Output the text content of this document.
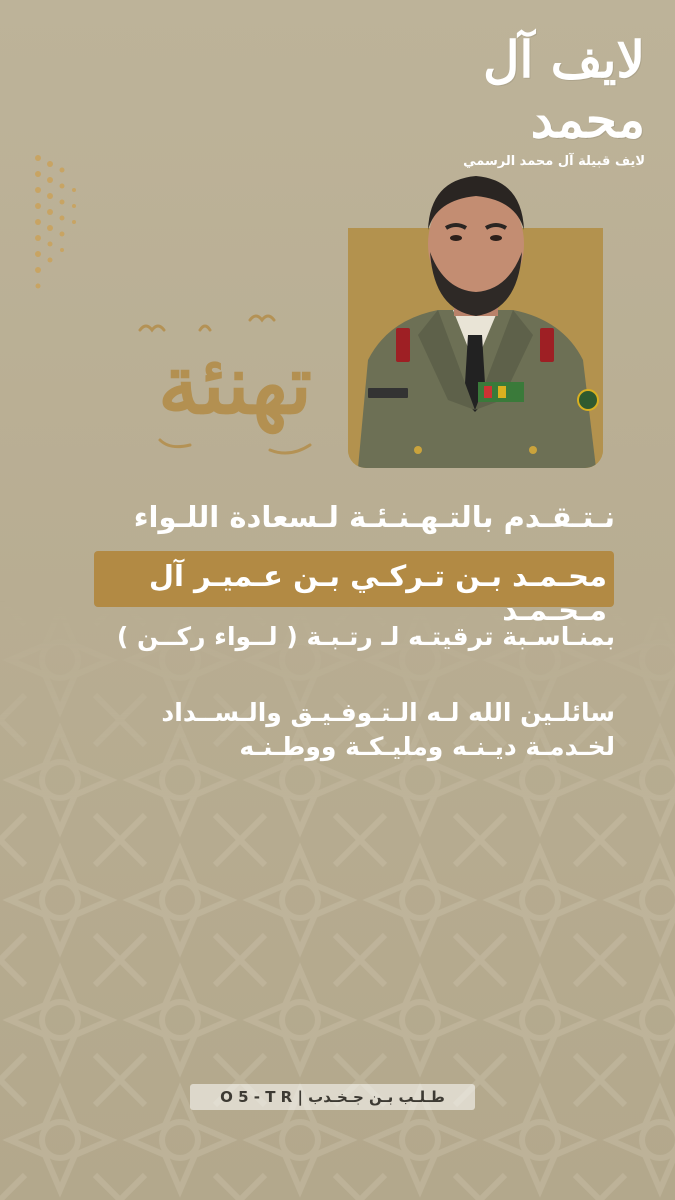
لايف آل محمد
لايف قبيلة آل محمد الرسمي
تهنئة
نـتـقـدم بالتـهـنـئـة لـسعادة اللـواء
محـمـد بـن تـركـي بـن عـميـر آل مـحـمـد
بمنـاسـبة ترقيتـه لـ رتـبـة ( لــواء ركــن )
سائلـين الله لـه الـتـوفـيـق والـســداد
لخـدمـة ديـنـه ومليـكـة ووطـنـه
طـلـب بـن جـخـدب | O 5 - T R
